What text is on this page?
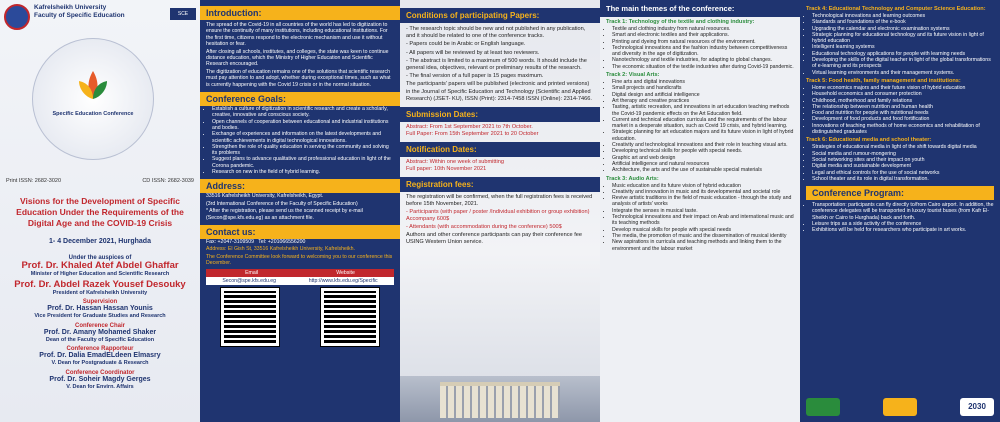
Kafrelsheikh University
Faculty of Specific Education	SCE
Specific Education Conference
Print ISSN: 2682-3020	CD ISSN: 2682-3039
Visions for the Development of Specific Education Under the Requirements of the Digital Age and the COVID-19 Crisis
1- 4 December 2021, Hurghada
Under the auspices of
Prof. Dr. Khaled Atef Abdel Ghaffar
Minister of Higher Education and Scientific Research
Prof. Dr. Abdel Razek Yousef Desouky
President of Kafrelsheikh University
Supervision
Prof. Dr. Hassan Hassan Younis
Vice President for Graduate Studies and Research
Conference Chair
Prof. Dr. Amany Mohamed Shaker
Dean of the Faculty of Specific Education
Conference Rapporteur
Prof. Dr. Dalia EmadELdeen Elmasry
V. Dean for Postgraduate & Research
Conference Coordinator
Prof. Dr. Soheir Magdy Gerges
V. Dean for Envirn. Affairs
Introduction:

The spread of the Covid-19 in all countries of the world has led to digitization to ensure the continuity of many institutions, including educational institutions. For the first time, citizens respond to the electronic mechanism and use it without hesitation or fear.

After closing all schools, institutes, and colleges, the state was keen to continue distance education, which the Ministry of Higher Education and Scientific Research encouraged.

The digitization of education remains one of the solutions that scientific research must pay attention to and adopt, whether during exceptional times, such as what is currently happening with the Covid 19 crisis or in the normal situation.

Conference Goals:
• Establish a culture of digitization in scientific research and create a scholarly, creative, innovative and conscious society.
• Open channels of cooperation between educational and industrial institutions and bodies.
• Exchange of experiences and information on the latest developments and scientific achievements in digital technological innovations.
• Strengthen the role of quality education in serving the community and solving its problems
• Suggest plans to advance qualitative and professional education in light of the Corona pandemic.
• Research on new in the field of hybrid learning.
Address:

33516 Kafrelsheikh University, Kafrelsheikh, Egypt.

(3rd International Conference of the Faculty of Specific Education)

* After the registration, please send us the scanned receipt by e-mail (Secon@spe.kfs.edu.eg) as an attachment file.

Contact us:

Fax: +2047-3109509 Tel: +201066556200

Address: El Gish St, 33516 Kafrelsheikh University, Kafrelsheikh.

The Conference Committee look forward to welcoming you to our conference this December.

Email	Website
Secon@spe.kfs.edu.eg	http://www.kfs.edu.eg/Specific
Conditions of participating Papers:

- The research topic should be new and not published in any publication, and it should be related to one of the conference tracks.

- Papers could be in Arabic or English language.

- All papers will be reviewed by at least two reviewers.

- The abstract is limited to a maximum of 500 words. It should include the general idea, objectives, relevant or preliminary results of the research.

- The final version of a full paper is 15 pages maximum.

The participants' papers will be published (electronic and printed versions) in the Journal of Specific Education and Technology (Scientific and Applied Research) (JSET- KU), ISSN (Print): 2314-7458 ISSN (Online): 2314-7466.

Submission Dates:
Abstract: From 1st September 2021 to 7th October.
Full Paper: From 15th September 2021 to 20 October
Notification Dates:
Abstract: Within one week of submitting
Full paper: 10th November 2021
Registration fees:

The registration will be confirmed, when the full registration fees is received before 15th November, 2021.

- Participants (with paper / poster /Individual exhibition or group exhibition) Accompany 600$

- Attendants (with accommodation during the conference) 500$

Authors and other conference participants can pay their conference fee USING Western Union service.

The main themes of the conference:
Track 1: Technology of the textile and clothing industry:
• Textile and clothing industry from natural resources.
• Smart and electronic textiles and their applications.
• Printing and dyeing from natural resources of the environment.
• Technological innovations and the fashion industry between competitiveness and diversity in the age of digitization.
• Nanotechnology and textile industries, for adapting to global changes.
• The economic situation of the textile industries after during Covid-19 pandemic.
Track 2: Visual Arts:
• Fine arts and digital innovations
• Small projects and handicrafts
• Digital design and artificial intelligence
• Art therapy and creative practices
• Tasting, artistic recreation, and innovations in art education teaching methods the Covid-19 pandemic effects on the Art Education field.
• Current and technical education curricula and the requirements of the labour market in a desperate situation, such as Covid 19 crisis, and hybrid learning.
• Strategic planning for art education majors and its future vision in light of hybrid education.
• Creativity and technological innovations and their role in teaching visual arts.
• Developing technical skills for people with special needs.
• Graphic art and web design
• Artificial intelligence and natural resources
• Architecture, the arts and the use of sustainable special materials
Track 3: Audio Arts:
• Music education and its future vision of hybrid education
• Creativity and innovation in music and its developmental and societal role
• Revive artistic traditions in the field of music education - through the study and analysis of artists' works
• Integrate the senses in musical taste.
• Technological innovations and their impact on Arab and international music and its teaching methods
• Develop musical skills for people with special needs
• The media, the promotion of music and the dissemination of musical identity
• New aspirations in curricula and teaching methods and linking them to the environment and the labour market
Track 4: Educational Technology and Computer Science Education:
• Technological innovations and learning outcomes
• Standards and foundations of the e-book
• Upgrading the calendar and electronic examination systems
• Strategic planning for educational technology and its future vision in light of hybrid education
• Intelligent learning systems
• Educational technology applications for people with learning needs
• Developing the skills of the digital teacher in light of the global transformations of e-learning and its prospects
• Virtual learning environments and their management systems.
Track 5: Food health, family management and institutions:
• Home economics majors and their future vision of hybrid education
• Household economics and consumer protection
• Childhood, motherhood and family relations
• The relationship between nutrition and human health
• Food and nutrition for people with nutritional needs
• Development of food products and food fortification
• Innovations of teaching methods of home economics and rehabilitation of distinguished graduates
Track 6: Educational media and school theater:
• Strategies of educational media in light of the shift towards digital media
• Social media and rumour-mongering
• Social networking sites and their impact on youth
• Digital media and sustainable development
• Legal and ethical controls for the use of social networks
• School theater and its role in digital transformation.
Conference Program:
• Transportation: participants can fly directly to/from Cairo airport. In addition, the conference delegates will be transported in luxury tourist buses (from Kafr El-Sheikh or Cairo to Hurghada) back and forth.
• Leisure trips as a side activity of the conference
• Exhibitions will be held for researchers who participate in art works.
2030
